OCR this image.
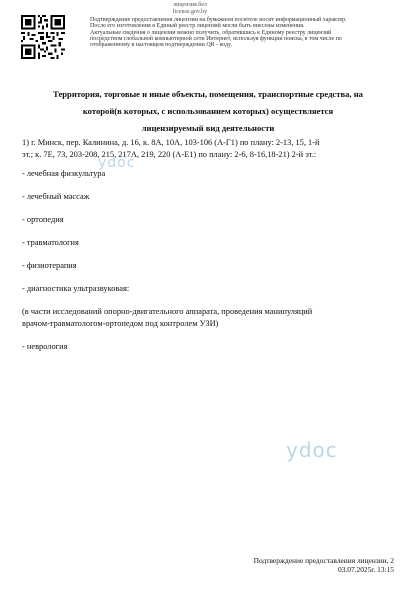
лицензия.бел
license.gov.by

Подтверждение предоставления лицензии на бумажном носителе носит информационный характер.

После его изготовления в Единый реестр лицензий могли быть внесены изменения.

Актуальные сведения о лицензии можно получить, обратившись к Единому реестру лицензий

посредством глобальной компьютерной сети Интернет, используя функции поиска, в том числе по

отображенному в настоящем подтверждении QR - коду.

Территория, торговые и иные объекты, помещения, транспортные средства, на
которой(в которых, с использованием которых) осуществляется
лицензируемый вид деятельности

1) г. Минск, пер. Калинина, д. 16, к. 8А, 10А, 103-106 (А-Г1) по плану: 2-13, 15, 1-й

эт.; к. 7Е, 73, 203-208, 215, 217А, 219, 220 (А-Е1) по плану: 2-6, 8-16,18-21) 2-й эт.:

- лечебная физкультура

- лечебный массаж

- ортопедия

- травматология

- физиотерапия

- диагностика ультразвуковая:

(в части исследований опорно-двигательного аппарата, проведения манипуляций

врачом-травматологом-ортопедом под контролем УЗИ)

- неврология

ydoc
ydoc
Подтверждение предоставления лицензии, 2
03.07.2025г. 13:15
